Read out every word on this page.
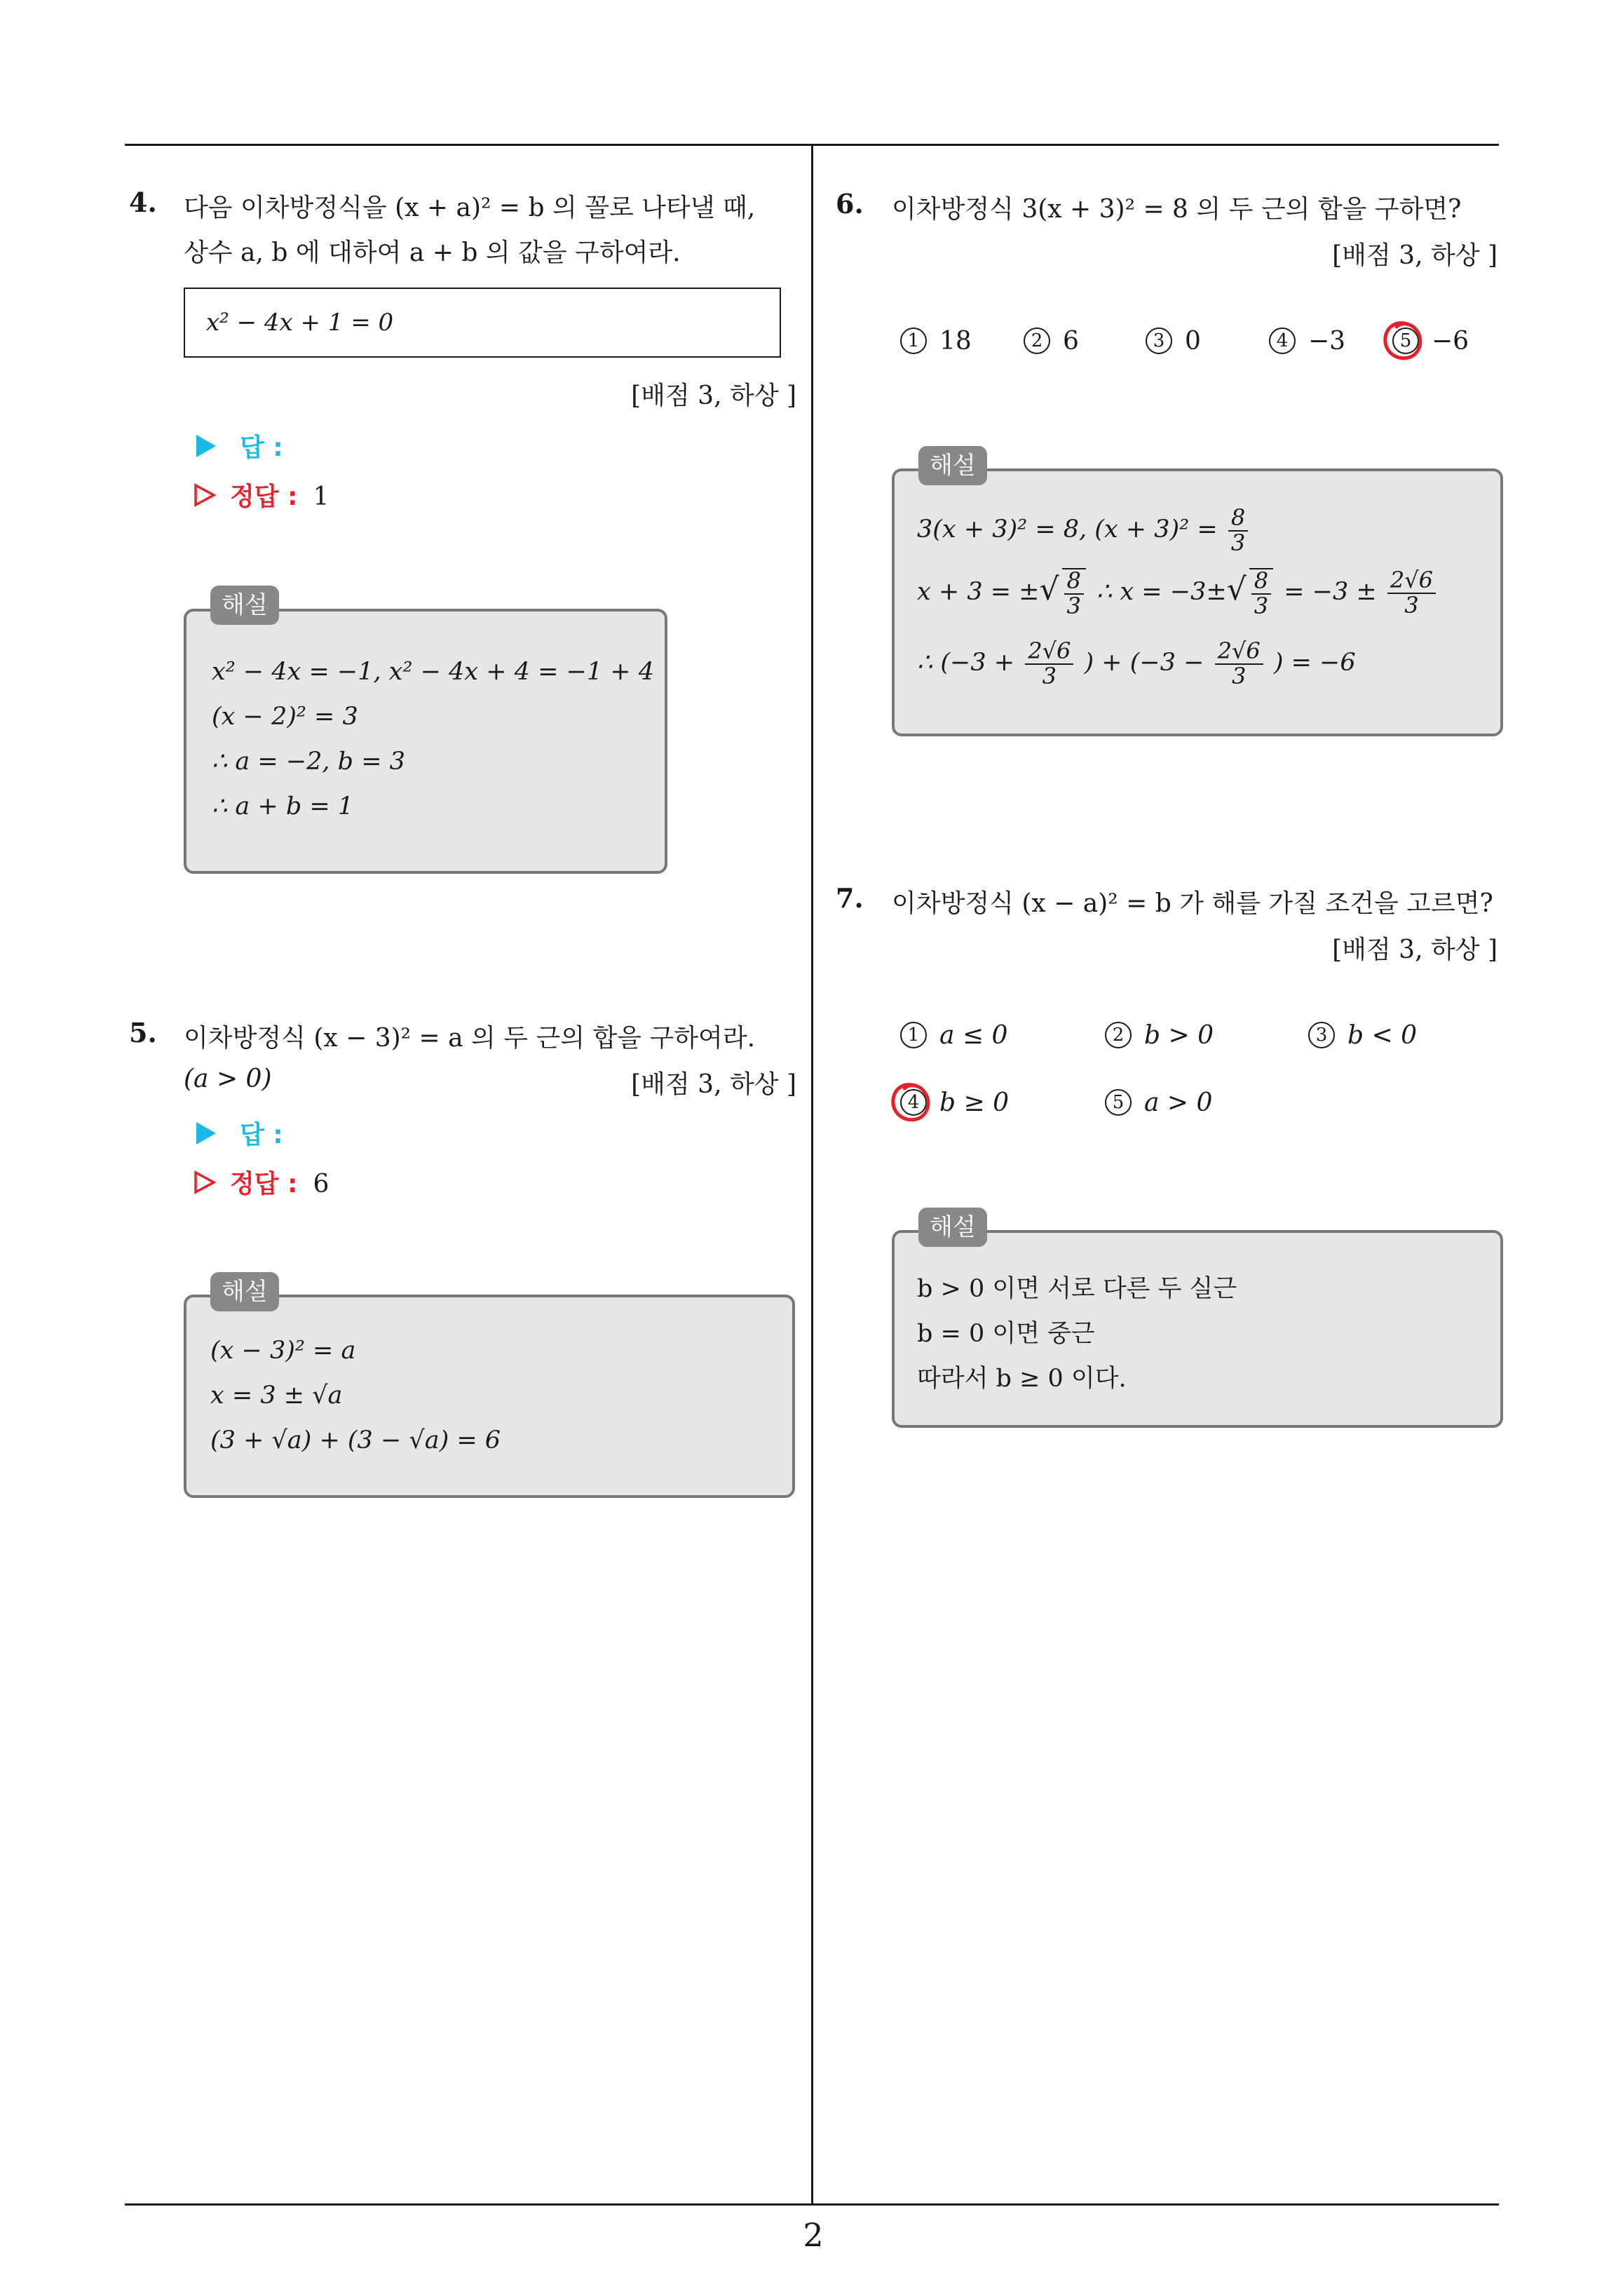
2
4. 다음 이차방정식을 (x + a)² = b 의 꼴로 나타낼 때,
상수 a, b 에 대하여 a + b 의 값을 구하여라.
x² − 4x + 1 = 0
[배점 3, 하상 ]
답 :
정답 : 1
x² − 4x = −1, x² − 4x + 4 = −1 + 4
(x − 2)² = 3
∴ a = −2, b = 3
∴ a + b = 1
해설
5. 이차방정식 (x − 3)² = a 의 두 근의 합을 구하여라.
(a > 0)	[배점 3, 하상 ]
답 :
정답 : 6
(x − 3)² = a
x = 3 ± √a
(3 + √a) + (3 − √a) = 6
해설
6. 이차방정식 3(x + 3)² = 8 의 두 근의 합을 구하면?
[배점 3, 하상 ]
1 18	2 6	3 0	4 −3	5 −6
3(x + 3)² = 8, $(x + 3)^2 = \frac{8}{3}$
x + 3 = ±√ $\frac{8}{3}$ ∴ $x = -3\pm√ \frac{8}{3} = -3 \pm \frac{2√6}{3}$
∴ ($-3 + \frac{2√6}{3}$ ) + ($-3 - \frac{2√6}{3}$ ) = −6
해설
7. 이차방정식 (x − a)² = b 가 해를 가질 조건을 고르면?
[배점 3, 하상 ]
1 a ≤ 0	2 b > 0	3 b < 0
4 b ≥ 0	5 a > 0
b > 0 이면 서로 다른 두 실근
b = 0 이면 중근
따라서 b ≥ 0 이다.
해설
